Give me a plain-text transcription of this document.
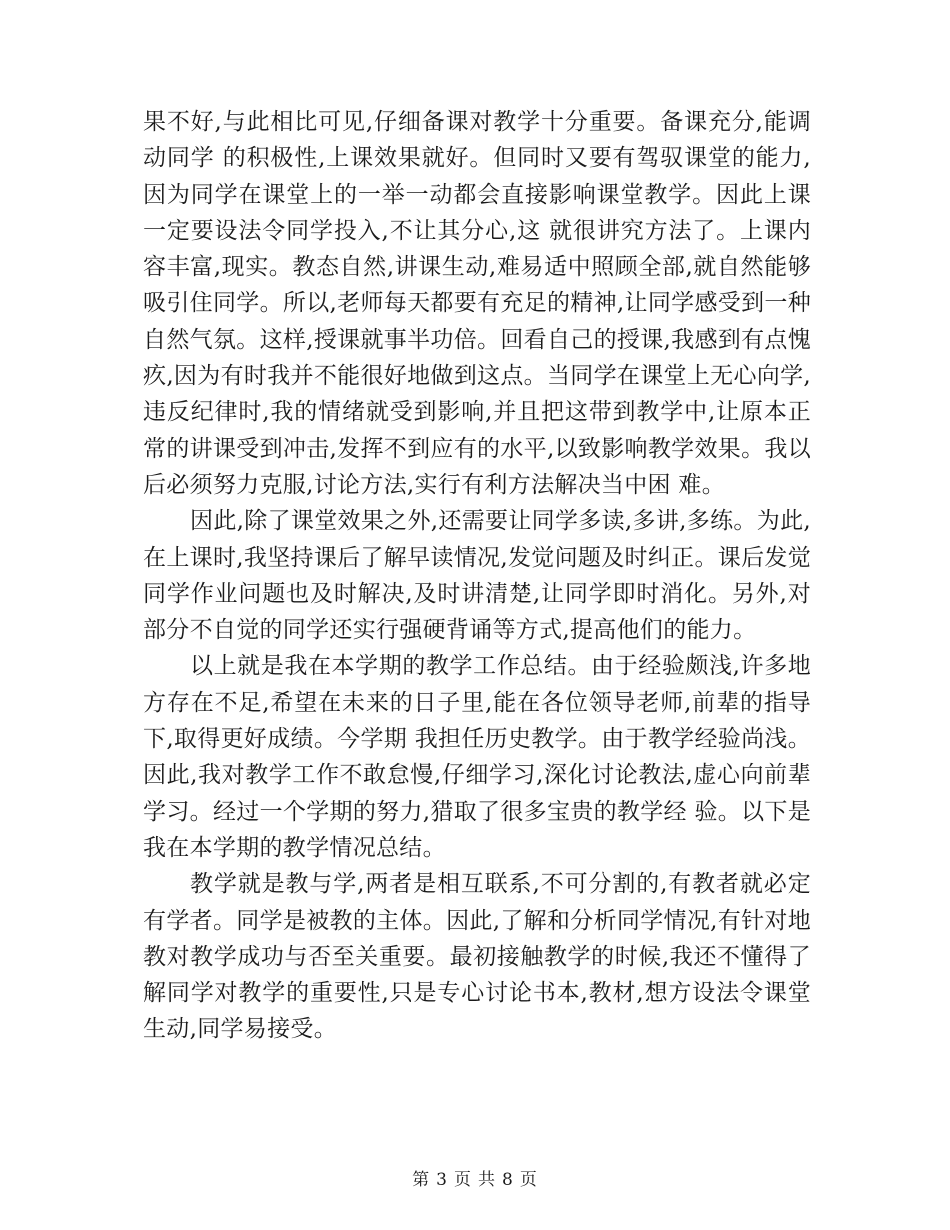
果不好,与此相比可见,仔细备课对教学十分重要。备课充分,能调动同学 的积极性,上课效果就好。但同时又要有驾驭课堂的能力,因为同学在课堂上的一举一动都会直接影响课堂教学。因此上课一定要设法令同学投入,不让其分心,这 就很讲究方法了。上课内容丰富,现实。教态自然,讲课生动,难易适中照顾全部,就自然能够吸引住同学。所以,老师每天都要有充足的精神,让同学感受到一种 自然气氛。这样,授课就事半功倍。回看自己的授课,我感到有点愧疚,因为有时我并不能很好地做到这点。当同学在课堂上无心向学,违反纪律时,我的情绪就受到影响,并且把这带到教学中,让原本正常的讲课受到冲击,发挥不到应有的水平,以致影响教学效果。我以后必须努力克服,讨论方法,实行有利方法解决当中困 难。

因此,除了课堂效果之外,还需要让同学多读,多讲,多练。为此,在上课时,我坚持课后了解早读情况,发觉问题及时纠正。课后发觉同学作业问题也及时解决,及时讲清楚,让同学即时消化。另外,对部分不自觉的同学还实行强硬背诵等方式,提高他们的能力。

以上就是我在本学期的教学工作总结。由于经验颇浅,许多地方存在不足,希望在未来的日子里,能在各位领导老师,前辈的指导下,取得更好成绩。今学期 我担任历史教学。由于教学经验尚浅。因此,我对教学工作不敢怠慢,仔细学习,深化讨论教法,虚心向前辈学习。经过一个学期的努力,猎取了很多宝贵的教学经 验。以下是我在本学期的教学情况总结。

教学就是教与学,两者是相互联系,不可分割的,有教者就必定有学者。同学是被教的主体。因此,了解和分析同学情况,有针对地教对教学成功与否至关重要。最初接触教学的时候,我还不懂得了解同学对教学的重要性,只是专心讨论书本,教材,想方设法令课堂生动,同学易接受。

第 3 页 共 8 页
